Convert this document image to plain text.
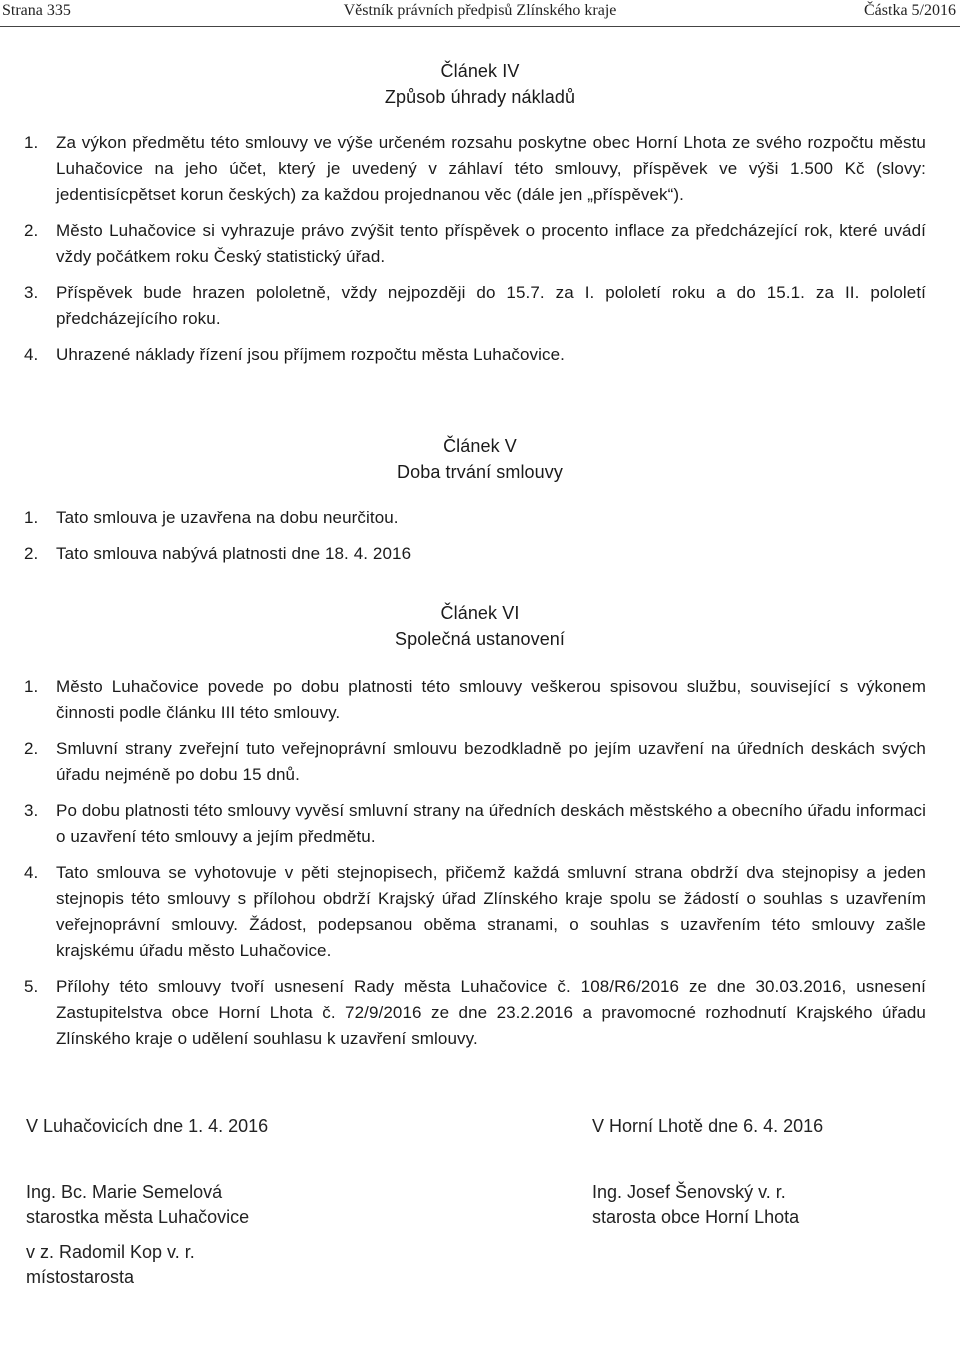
Strana 335	Věstník právních předpisů Zlínského kraje	Částka 5/2016
Článek IV
Způsob úhrady nákladů
1. Za výkon předmětu této smlouvy ve výše určeném rozsahu poskytne obec Horní Lhota ze svého rozpočtu městu Luhačovice na jeho účet, který je uvedený v záhlaví této smlouvy, příspěvek ve výši 1.500 Kč (slovy: jedentisícpětset korun českých) za každou projednanou věc (dále jen „příspěvek“).
2. Město Luhačovice si vyhrazuje právo zvýšit tento příspěvek o procento inflace za předcházející rok, které uvádí vždy počátkem roku Český statistický úřad.
3. Příspěvek bude hrazen pololetně, vždy nejpozději do 15.7. za I. pololetí roku a do 15.1. za II. pololetí předcházejícího roku.
4. Uhrazené náklady řízení jsou příjmem rozpočtu města Luhačovice.
Článek V
Doba trvání smlouvy
1. Tato smlouva je uzavřena na dobu neurčitou.
2. Tato smlouva nabývá platnosti dne 18. 4. 2016
Článek VI
Společná ustanovení
1. Město Luhačovice povede po dobu platnosti této smlouvy veškerou spisovou službu, související s výkonem činnosti podle článku III této smlouvy.
2. Smluvní strany zveřejní tuto veřejnoprávní smlouvu bezodkladně po jejím uzavření na úředních deskách svých úřadu nejméně po dobu 15 dnů.
3. Po dobu platnosti této smlouvy vyvěsí smluvní strany na úředních deskách městského a obecního úřadu informaci o uzavření této smlouvy a jejím předmětu.
4. Tato smlouva se vyhotovuje v pěti stejnopisech, přičemž každá smluvní strana obdrží dva stejnopisy a jeden stejnopis této smlouvy s přílohou obdrží Krajský úřad Zlínského kraje spolu se žádostí o souhlas s uzavřením veřejnoprávní smlouvy. Žádost, podepsanou oběma stranami, o souhlas s uzavřením této smlouvy zašle krajskému úřadu město Luhačovice.
5. Přílohy této smlouvy tvoří usnesení Rady města Luhačovice č. 108/R6/2016 ze dne 30.03.2016, usnesení Zastupitelstva obce Horní Lhota č. 72/9/2016 ze dne 23.2.2016 a pravomocné rozhodnutí Krajského úřadu Zlínského kraje o udělení souhlasu k uzavření smlouvy.
V Luhačovicích dne 1. 4. 2016	V Horní Lhotě dne 6. 4. 2016
Ing. Bc. Marie Semelová
starostka města Luhačovice
Ing. Josef Šenovský v. r.
starosta obce Horní Lhota
v z. Radomil Kop v. r.
místostarosta
